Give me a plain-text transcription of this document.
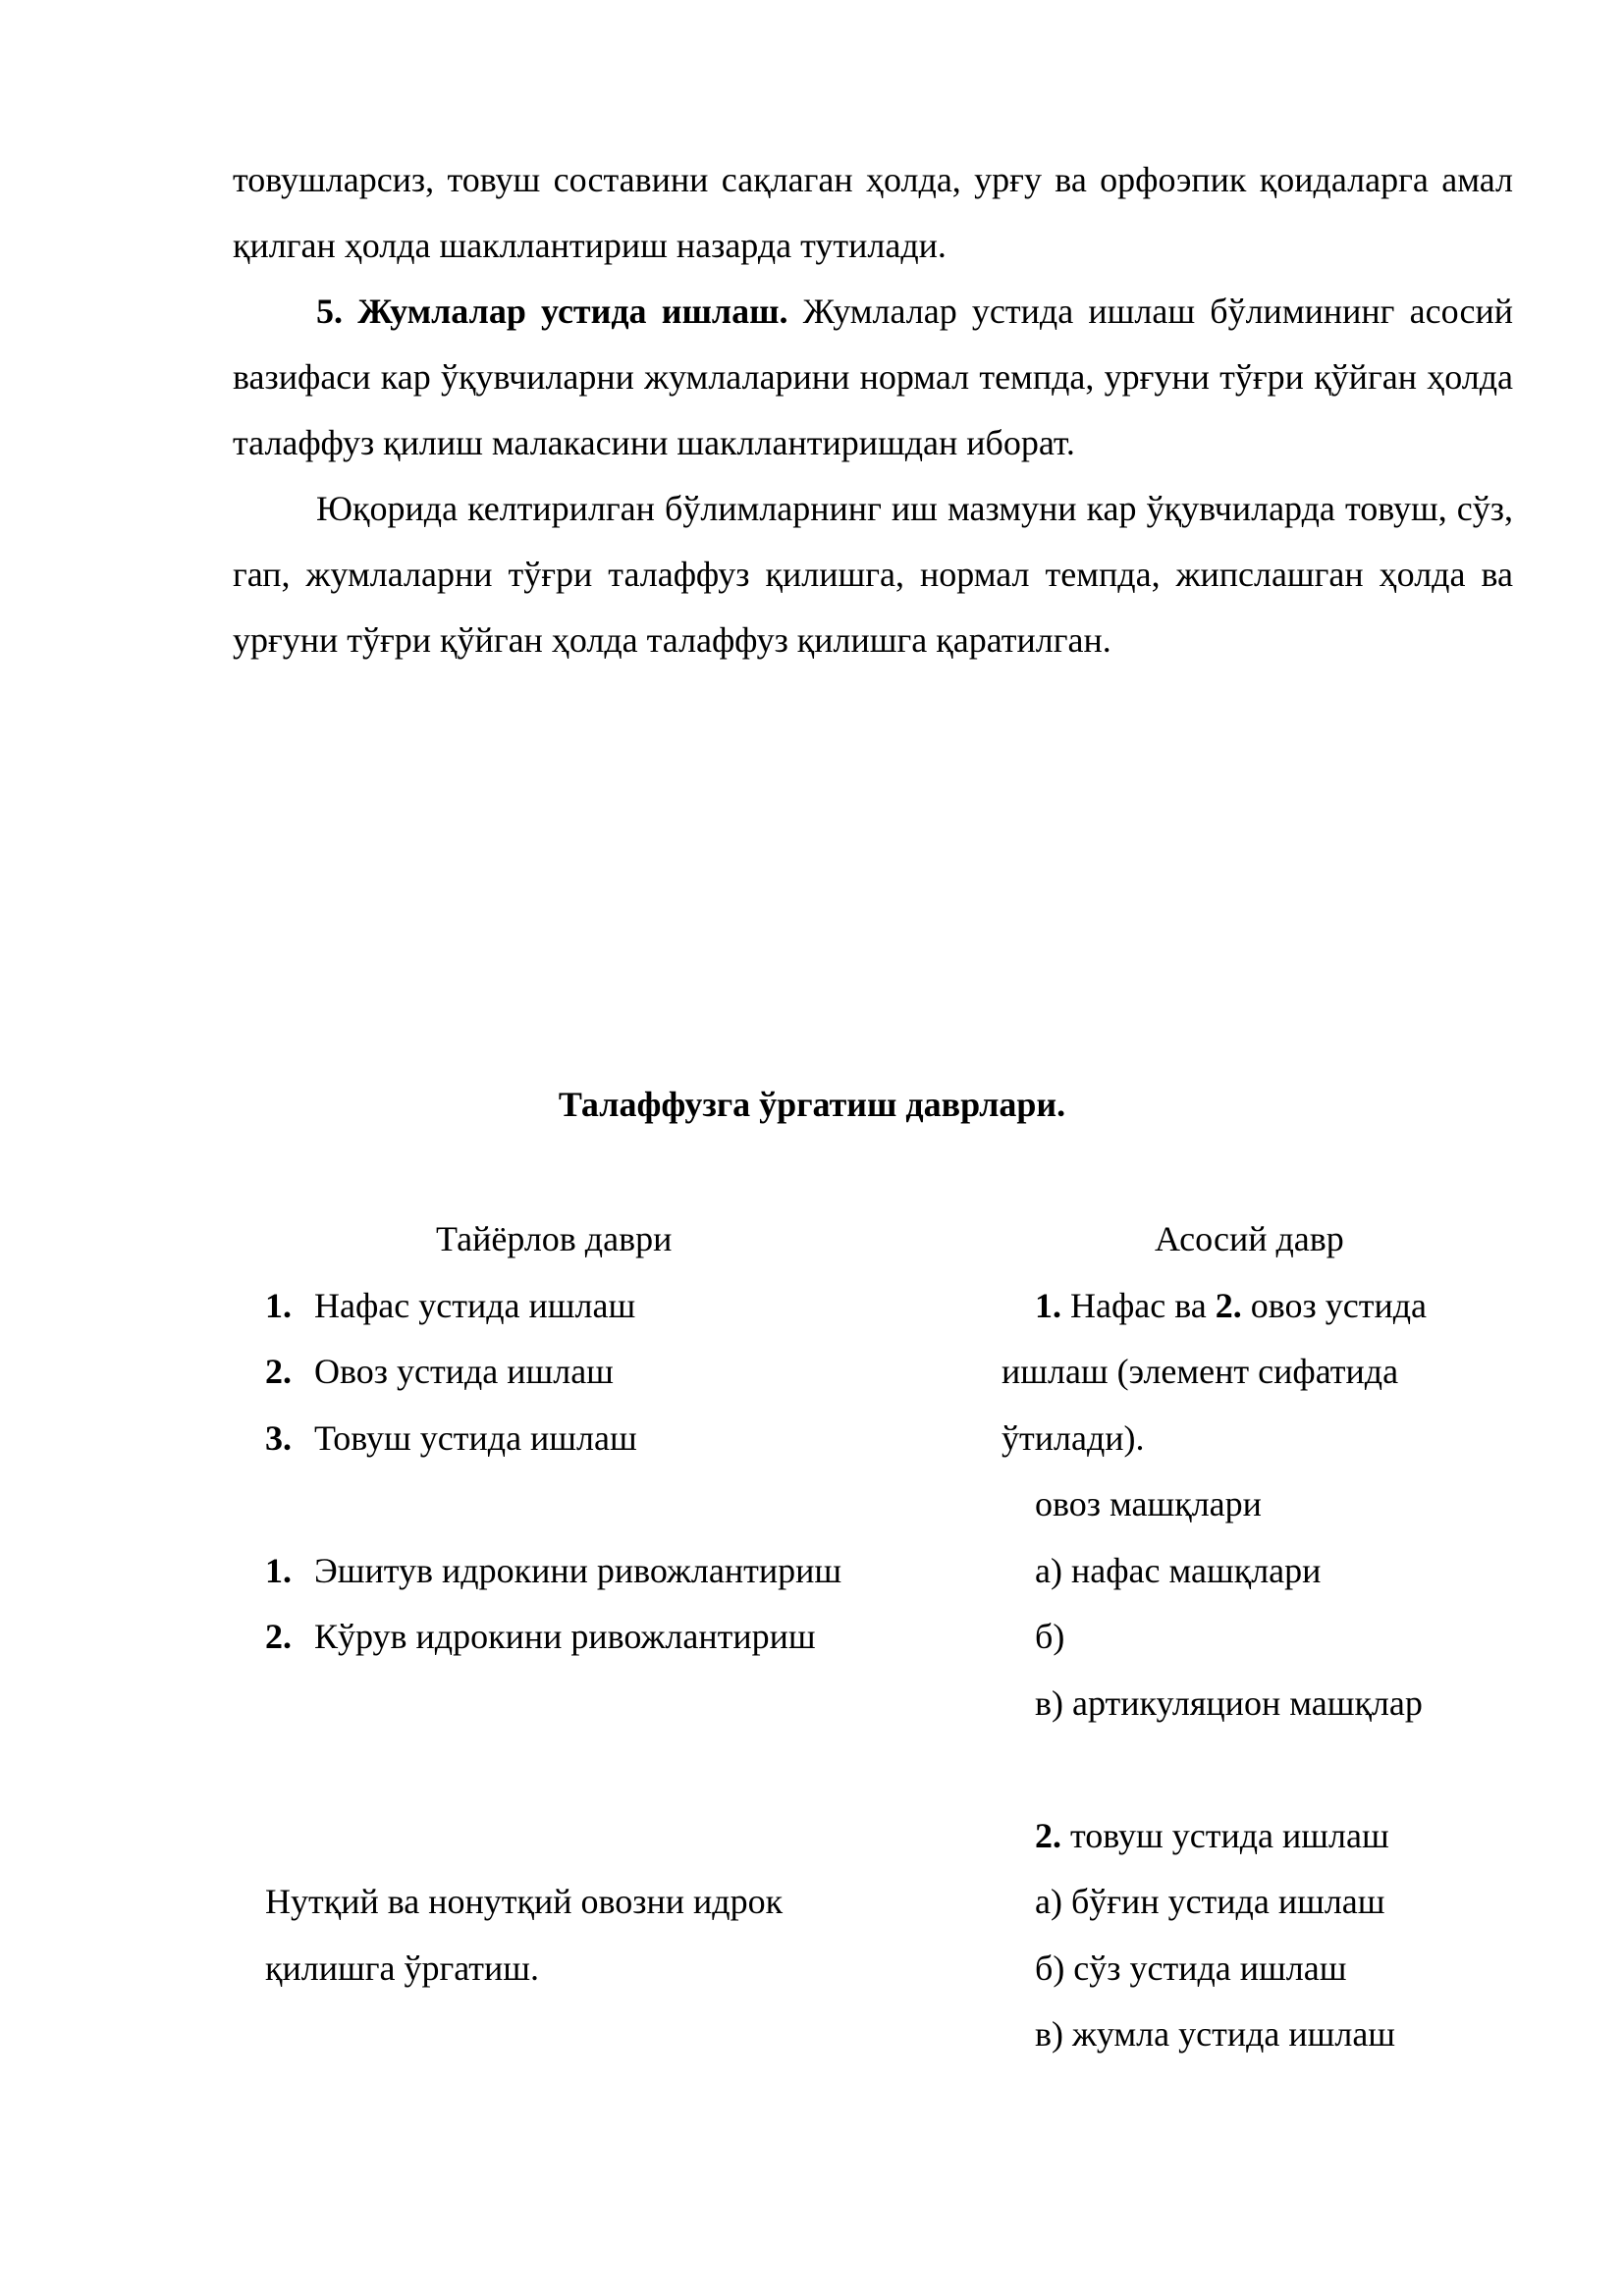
товушларсиз, товуш составини сақлаган ҳолда, урғу ва орфоэпик қоидаларга амал қилган ҳолда шакллантириш назарда тутилади.

5. Жумлалар устида ишлаш. Жумлалар устида ишлаш бўлимининг асосий вазифаси кар ўқувчиларни жумлаларини нормал темпда, урғуни тўғри қўйган ҳолда талаффуз қилиш малакасини шакллантиришдан иборат.

Юқорида келтирилган бўлимларнинг иш мазмуни кар ўқувчиларда товуш, сўз, гап, жумлаларни тўғри талаффуз қилишга, нормал темпда, жипслашган ҳолда ва урғуни тўғри қўйган ҳолда талаффуз қилишга қаратилган.

Талаффузга ўргатиш даврлари.
Тайёрлов даври
1. Нафас устида ишлаш
2. Овоз устида ишлаш
3. Товуш устида ишлаш
1. Эшитув идрокини ривожлантириш
2. Кўрув идрокини ривожлантириш
Нутқий ва нонутқий овозни идрок
қилишга ўргатиш.
Асосий давр
1. Нафас ва 2. овоз устида
ишлаш (элемент сифатида
ўтилади).
овоз машқлари
а) нафас машқлари
б)
в) артикуляцион машқлар
2. товуш устида ишлаш
а) бўғин устида ишлаш
б) сўз устида ишлаш
в) жумла устида ишлаш
